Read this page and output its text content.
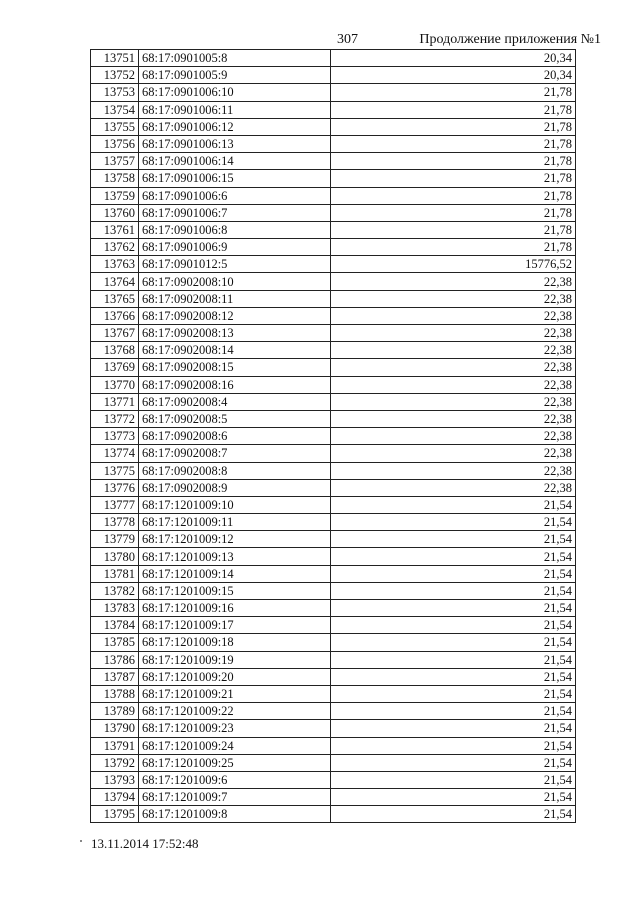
307	Продолжение приложения №1
13751	68:17:0901005:8	20,34
13752	68:17:0901005:9	20,34
13753	68:17:0901006:10	21,78
13754	68:17:0901006:11	21,78
13755	68:17:0901006:12	21,78
13756	68:17:0901006:13	21,78
13757	68:17:0901006:14	21,78
13758	68:17:0901006:15	21,78
13759	68:17:0901006:6	21,78
13760	68:17:0901006:7	21,78
13761	68:17:0901006:8	21,78
13762	68:17:0901006:9	21,78
13763	68:17:0901012:5	15776,52
13764	68:17:0902008:10	22,38
13765	68:17:0902008:11	22,38
13766	68:17:0902008:12	22,38
13767	68:17:0902008:13	22,38
13768	68:17:0902008:14	22,38
13769	68:17:0902008:15	22,38
13770	68:17:0902008:16	22,38
13771	68:17:0902008:4	22,38
13772	68:17:0902008:5	22,38
13773	68:17:0902008:6	22,38
13774	68:17:0902008:7	22,38
13775	68:17:0902008:8	22,38
13776	68:17:0902008:9	22,38
13777	68:17:1201009:10	21,54
13778	68:17:1201009:11	21,54
13779	68:17:1201009:12	21,54
13780	68:17:1201009:13	21,54
13781	68:17:1201009:14	21,54
13782	68:17:1201009:15	21,54
13783	68:17:1201009:16	21,54
13784	68:17:1201009:17	21,54
13785	68:17:1201009:18	21,54
13786	68:17:1201009:19	21,54
13787	68:17:1201009:20	21,54
13788	68:17:1201009:21	21,54
13789	68:17:1201009:22	21,54
13790	68:17:1201009:23	21,54
13791	68:17:1201009:24	21,54
13792	68:17:1201009:25	21,54
13793	68:17:1201009:6	21,54
13794	68:17:1201009:7	21,54
13795	68:17:1201009:8	21,54
13.11.2014 17:52:48
